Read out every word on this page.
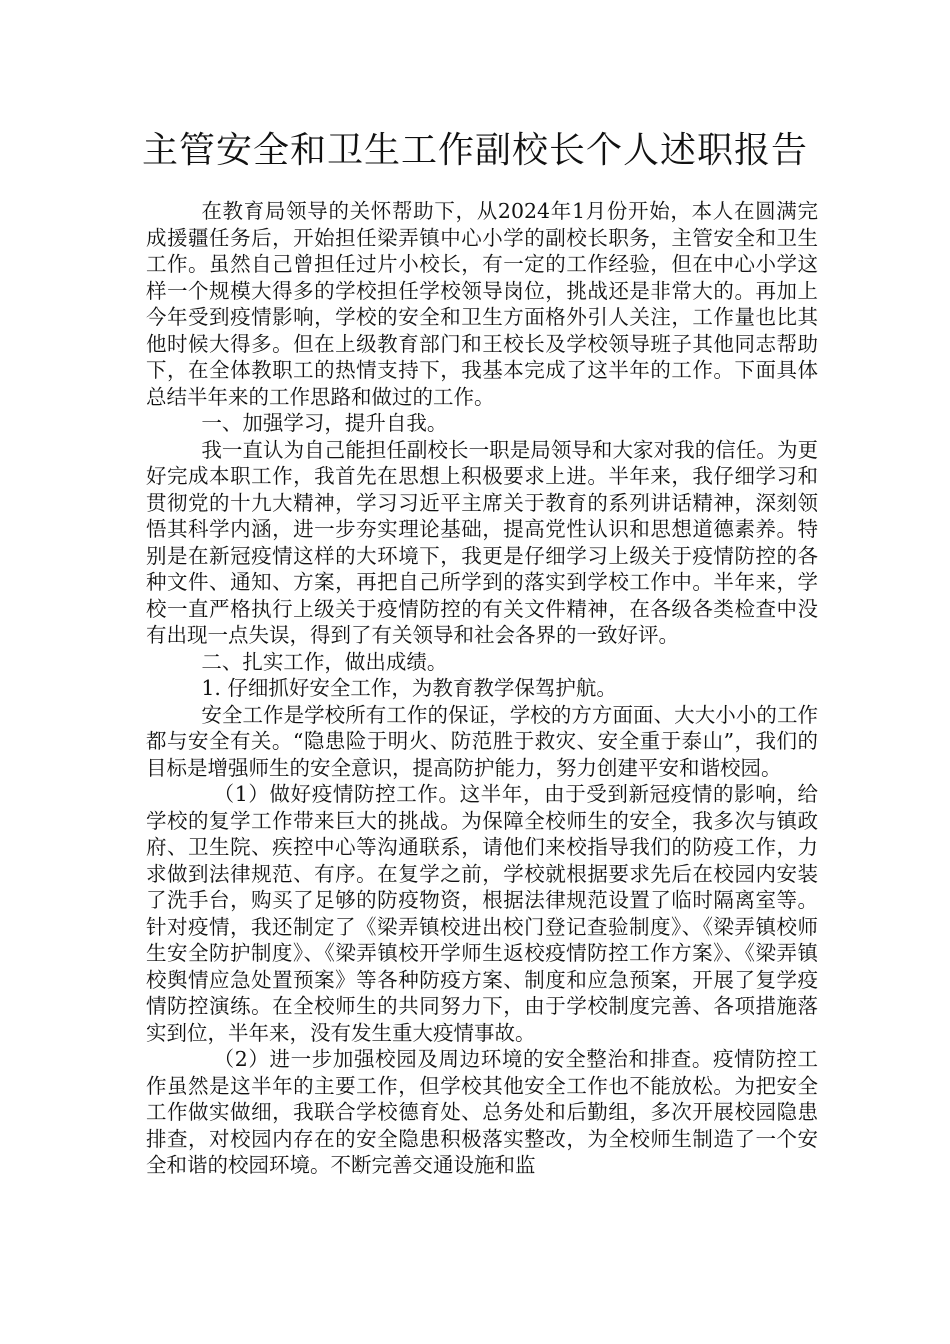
主管安全和卫生工作副校长个人述职报告

在教育局领导的关怀帮助下，从2024年1月份开始，本人在圆满完成援疆任务后，开始担任梁弄镇中心小学的副校长职务，主管安全和卫生工作。虽然自己曾担任过片小校长，有一定的工作经验，但在中心小学这样一个规模大得多的学校担任学校领导岗位，挑战还是非常大的。再加上今年受到疫情影响，学校的安全和卫生方面格外引人关注，工作量也比其他时候大得多。但在上级教育部门和王校长及学校领导班子其他同志帮助下，在全体教职工的热情支持下，我基本完成了这半年的工作。下面具体总结半年来的工作思路和做过的工作。

一、加强学习，提升自我。

我一直认为自己能担任副校长一职是局领导和大家对我的信任。为更好完成本职工作，我首先在思想上积极要求上进。半年来，我仔细学习和贯彻党的十九大精神，学习习近平主席关于教育的系列讲话精神，深刻领悟其科学内涵，进一步夯实理论基础，提高党性认识和思想道德素养。特别是在新冠疫情这样的大环境下，我更是仔细学习上级关于疫情防控的各种文件、通知、方案，再把自己所学到的落实到学校工作中。半年来，学校一直严格执行上级关于疫情防控的有关文件精神，在各级各类检查中没有出现一点失误，得到了有关领导和社会各界的一致好评。

二、扎实工作，做出成绩。

1. 仔细抓好安全工作，为教育教学保驾护航。

安全工作是学校所有工作的保证，学校的方方面面、大大小小的工作都与安全有关。“隐患险于明火、防范胜于救灾、安全重于泰山”，我们的目标是增强师生的安全意识，提高防护能力，努力创建平安和谐校园。

（1）做好疫情防控工作。这半年，由于受到新冠疫情的影响，给学校的复学工作带来巨大的挑战。为保障全校师生的安全，我多次与镇政府、卫生院、疾控中心等沟通联系，请他们来校指导我们的防疫工作，力求做到法律规范、有序。在复学之前，学校就根据要求先后在校园内安装了洗手台，购买了足够的防疫物资，根据法律规范设置了临时隔离室等。针对疫情，我还制定了《梁弄镇校进出校门登记查验制度》、《梁弄镇校师生安全防护制度》、《梁弄镇校开学师生返校疫情防控工作方案》、《梁弄镇校舆情应急处置预案》等各种防疫方案、制度和应急预案，开展了复学疫情防控演练。在全校师生的共同努力下，由于学校制度完善、各项措施落实到位，半年来，没有发生重大疫情事故。

（2）进一步加强校园及周边环境的安全整治和排查。疫情防控工作虽然是这半年的主要工作，但学校其他安全工作也不能放松。为把安全工作做实做细，我联合学校德育处、总务处和后勤组，多次开展校园隐患排查，对校园内存在的安全隐患积极落实整改，为全校师生制造了一个安全和谐的校园环境。不断完善交通设施和监
